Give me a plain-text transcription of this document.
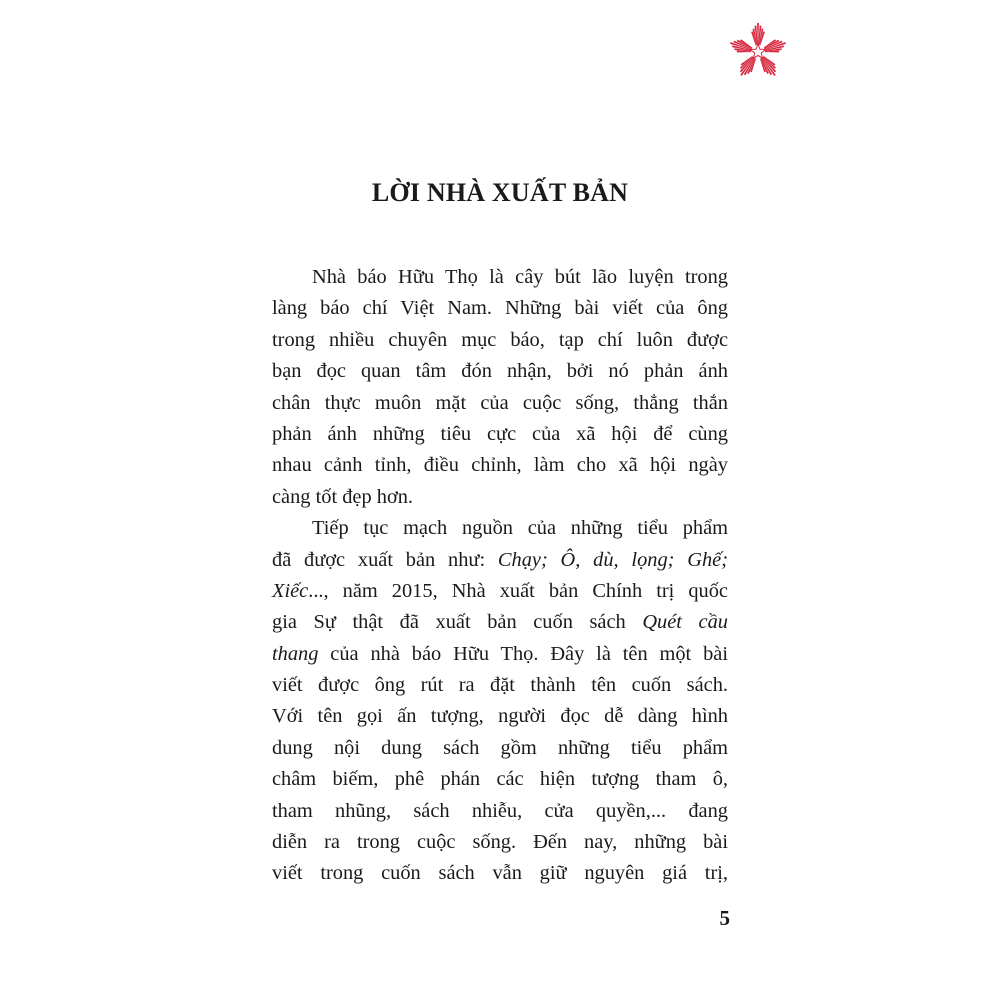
LỜI NHÀ XUẤT BẢN
Nhà báo Hữu Thọ là cây bút lão luyện trong
làng báo chí Việt Nam. Những bài viết của ông
trong nhiều chuyên mục báo, tạp chí luôn được
bạn đọc quan tâm đón nhận, bởi nó phản ánh
chân thực muôn mặt của cuộc sống, thẳng thắn
phản ánh những tiêu cực của xã hội để cùng
nhau cảnh tỉnh, điều chỉnh, làm cho xã hội ngày
càng tốt đẹp hơn.
Tiếp tục mạch nguồn của những tiểu phẩm
đã được xuất bản như: Chạy; Ô, dù, lọng; Ghế;
Xiếc..., năm 2015, Nhà xuất bản Chính trị quốc
gia Sự thật đã xuất bản cuốn sách Quét cầu
thang của nhà báo Hữu Thọ. Đây là tên một bài
viết được ông rút ra đặt thành tên cuốn sách.
Với tên gọi ấn tượng, người đọc dễ dàng hình
dung nội dung sách gồm những tiểu phẩm
châm biếm, phê phán các hiện tượng tham ô,
tham nhũng, sách nhiễu, cửa quyền,... đang
diễn ra trong cuộc sống. Đến nay, những bài
viết trong cuốn sách vẫn giữ nguyên giá trị,
5
